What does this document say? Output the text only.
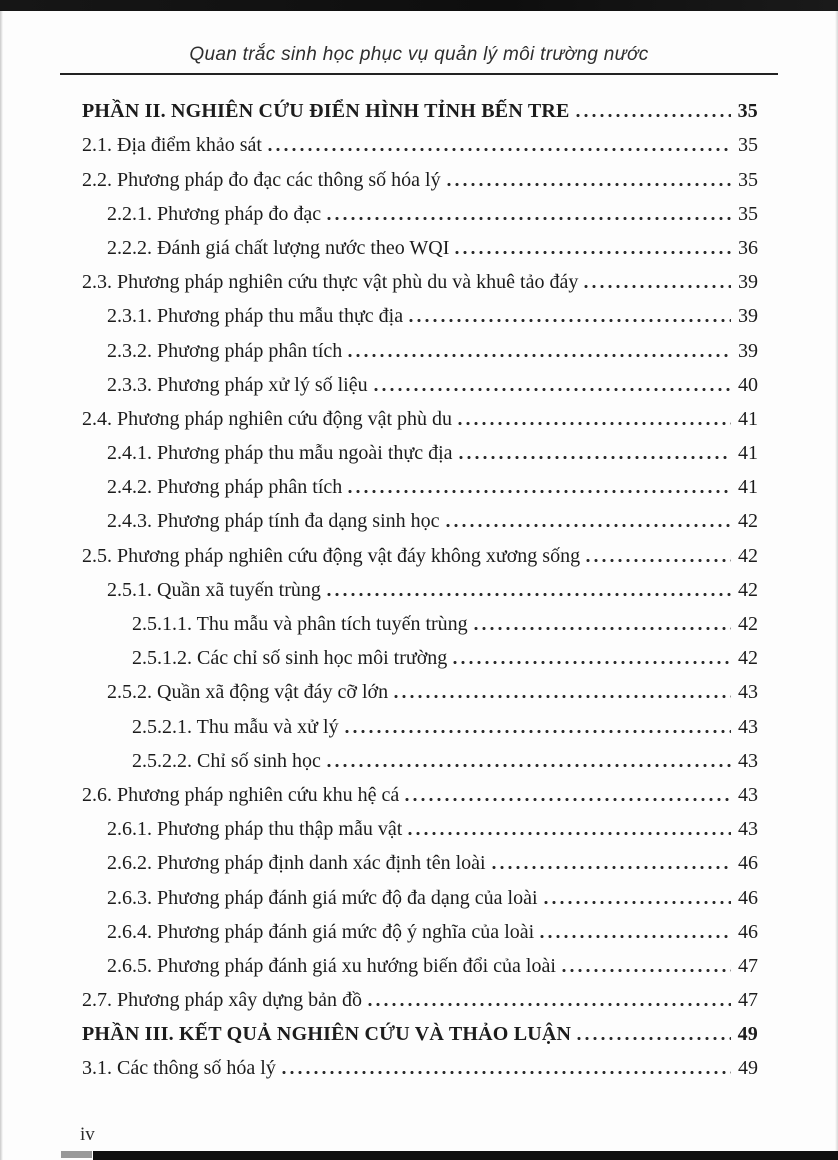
Quan trắc sinh học phục vụ quản lý môi trường nước
PHẦN II. NGHIÊN CỨU ĐIỂN HÌNH TỈNH BẾN TRE	35
2.1. Địa điểm khảo sát	35
2.2. Phương pháp đo đạc các thông số hóa lý	35
2.2.1. Phương pháp đo đạc	35
2.2.2. Đánh giá chất lượng nước theo WQI	36
2.3. Phương pháp nghiên cứu thực vật phù du và khuê tảo đáy	39
2.3.1. Phương pháp thu mẫu thực địa	39
2.3.2. Phương pháp phân tích	39
2.3.3. Phương pháp xử lý số liệu	40
2.4. Phương pháp nghiên cứu động vật phù du	41
2.4.1. Phương pháp thu mẫu ngoài thực địa	41
2.4.2. Phương pháp phân tích	41
2.4.3. Phương pháp tính đa dạng sinh học	42
2.5. Phương pháp nghiên cứu động vật đáy không xương sống	42
2.5.1. Quần xã tuyến trùng	42
2.5.1.1. Thu mẫu và phân tích tuyến trùng	42
2.5.1.2. Các chỉ số sinh học môi trường	42
2.5.2. Quần xã động vật đáy cỡ lớn	43
2.5.2.1. Thu mẫu và xử lý	43
2.5.2.2. Chỉ số sinh học	43
2.6. Phương pháp nghiên cứu khu hệ cá	43
2.6.1. Phương pháp thu thập mẫu vật	43
2.6.2. Phương pháp định danh xác định tên loài	46
2.6.3. Phương pháp đánh giá mức độ đa dạng của loài	46
2.6.4. Phương pháp đánh giá mức độ ý nghĩa của loài	46
2.6.5. Phương pháp đánh giá xu hướng biến đổi của loài	47
2.7. Phương pháp xây dựng bản đồ	47
PHẦN III. KẾT QUẢ NGHIÊN CỨU VÀ THẢO LUẬN	49
3.1. Các thông số hóa lý	49
iv
